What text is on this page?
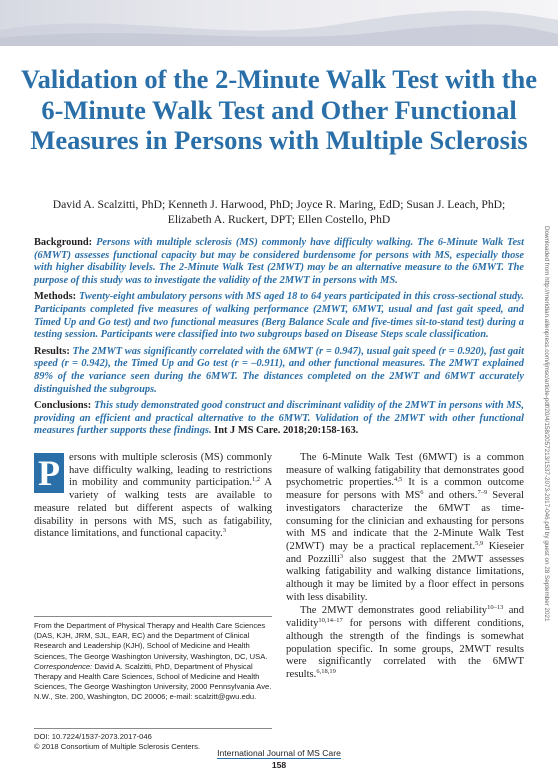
Validation of the 2-Minute Walk Test with the 6-Minute Walk Test and Other Functional Measures in Persons with Multiple Sclerosis
David A. Scalzitti, PhD; Kenneth J. Harwood, PhD; Joyce R. Maring, EdD; Susan J. Leach, PhD;
Elizabeth A. Ruckert, DPT; Ellen Costello, PhD

Background: Persons with multiple sclerosis (MS) commonly have difficulty walking. The 6-Minute Walk Test (6MWT) assesses functional capacity but may be considered burdensome for persons with MS, especially those with higher disability levels. The 2-Minute Walk Test (2MWT) may be an alternative measure to the 6MWT. The purpose of this study was to investigate the validity of the 2MWT in persons with MS.

Methods: Twenty-eight ambulatory persons with MS aged 18 to 64 years participated in this cross-sectional study. Participants completed five measures of walking performance (2MWT, 6MWT, usual and fast gait speed, and Timed Up and Go test) and two functional measures (Berg Balance Scale and five-times sit-to-stand test) during a testing session. Participants were classified into two subgroups based on Disease Steps scale classification.

Results: The 2MWT was significantly correlated with the 6MWT (r = 0.947), usual gait speed (r = 0.920), fast gait speed (r = 0.942), the Timed Up and Go test (r = –0.911), and other functional measures. The 2MWT explained 89% of the variance seen during the 6MWT. The distances completed on the 2MWT and 6MWT accurately distinguished the subgroups.

Conclusions: This study demonstrated good construct and discriminant validity of the 2MWT in persons with MS, providing an efficient and practical alternative to the 6MWT. Validation of the 2MWT with other functional measures further supports these findings. Int J MS Care. 2018;20:158-163.	Downloaded from http://meridian.allenpress.com/ijmsc/article-pdf/20/4/158/2057213/1537-2073-2017-046.pdf by guest on 28 September 2021
P ersons with multiple sclerosis (MS) commonly have difficulty walking, leading to restrictions in mobility and community participation.$^{1,2}$ A variety of walking tests are available to measure related but different aspects of walking disability in persons with MS, such as fatigability, distance limitations, and functional capacity.$^3$

From the Department of Physical Therapy and Health Care Sciences (DAS, KJH, JRM, SJL, EAR, EC) and the Department of Clinical Research and Leadership (KJH), School of Medicine and Health Sciences, The George Washington University, Washington, DC, USA. Correspondence: David A. Scalzitti, PhD, Department of Physical Therapy and Health Care Sciences, School of Medicine and Health Sciences, The George Washington University, 2000 Pennsylvania Ave. N.W., Ste. 200, Washington, DC 20006; e-mail: scalzitt@gwu.edu.

DOI: 10.7224/1537-2073.2017-046

© 2018 Consortium of Multiple Sclerosis Centers.

The 6-Minute Walk Test (6MWT) is a common measure of walking fatigability that demonstrates good psychometric properties.$^{4,5}$ It is a common outcome measure for persons with $MS^6$ and others.$^{7-9}$ Several investigators characterize the 6MWT as time-consuming for the clinician and exhausting for persons with MS and indicate that the 2-Minute Walk Test (2MWT) may be a practical replacement.$^{5,9}$ Kieseier and Pozzilli$^3$ also suggest that the 2MWT assesses walking fatigability and walking distance limitations, although it may be limited by a floor effect in persons with less disability.

The 2MWT demonstrates good reliability$^{10-13}$ and validity$^{10,14-17}$ for persons with different conditions, although the strength of the findings is somewhat population specific. In some groups, 2MWT results were significantly correlated with the 6MWT results.$^{6,18,19}$

International Journal of MS Care
158
